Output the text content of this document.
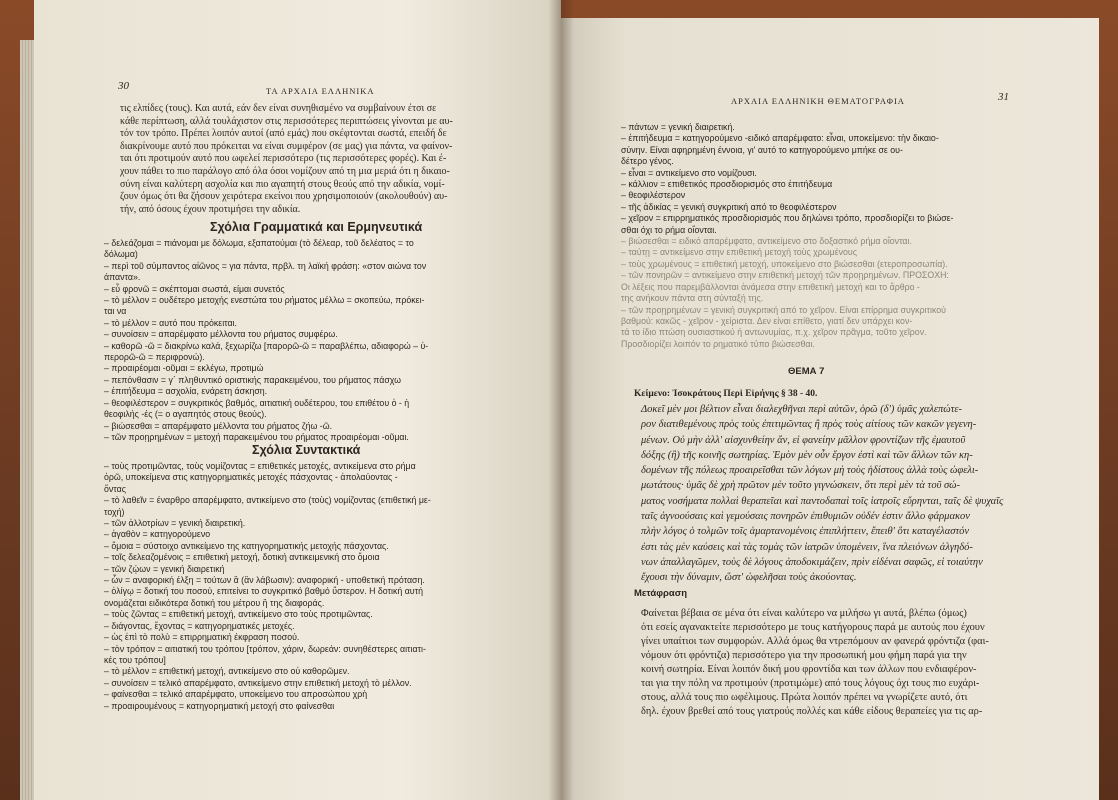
30	ΤΑ ΑΡΧΑΙΑ ΕΛΛΗΝΙΚΑ
τις ελπίδες (τους). Και αυτά, εάν δεν είναι συνηθισμένο να συμβαίνουν έτσι σε
κάθε περίπτωση, αλλά τουλάχιστον στις περισσότερες περιπτώσεις γίνονται με αυ-
τόν τον τρόπο. Πρέπει λοιπόν αυτοί (από εμάς) που σκέφτονται σωστά, επειδή δε
διακρίνουμε αυτό που πρόκειται να είναι συμφέρον (σε μας) για πάντα, να φαίνον-
ται ότι προτιμούν αυτό που ωφελεί περισσότερο (τις περισσότερες φορές). Και έ-
χουν πάθει το πιο παράλογο από όλα όσοι νομίζουν από τη μια μεριά ότι η δικαιο-
σύνη είναι καλύτερη ασχολία και πιο αγαπητή στους θεούς από την αδικία, νομί-
ζουν όμως ότι θα ζήσουν χειρότερα εκείνοι που χρησιμοποιούν (ακολουθούν) αυ-
τήν, από όσους έχουν προτιμήσει την αδικία.
Σχόλια Γραμματικά και Ερμηνευτικά
– δελεάζομαι = πιάνομαι με δόλωμα, εξαπατούμαι (τὸ δέλεαρ, τοῦ δελέατος = το
δόλωμα)
– περὶ τοῦ σύμπαντος αἰῶνος = για πάντα, πρβλ. τη λαϊκή φράση: «στον αιώνα τον
άπαντα».
– εὖ φρονῶ = σκέπτομαι σωστά, είμαι συνετός
– τὸ μέλλον = ουδέτερο μετοχής ενεστώτα του ρήματος μέλλω = σκοπεύω, πρόκει-
ται να
– τὸ μέλλον = αυτό που πρόκειται.
– συνοίσειν = απαρέμφατο μέλλοντα του ρήματος συμφέρω.
– καθορῶ -ῶ = διακρίνω καλά, ξεχωρίζω [παρορῶ-ῶ = παραβλέπω, αδιαφορώ – ὑ-
περορῶ-ῶ = περιφρονώ).
– προαιρέομαι -οῦμαι = εκλέγω, προτιμώ
– πεπόνθασιν = γ΄ πληθυντικό οριστικής παρακειμένου, του ρήματος πάσχω
– ἐπιτήδευμα = ασχολία, ενάρετη άσκηση.
– θεοφιλέστερον = συγκριτικός βαθμός, αιτιατική ουδέτερου, του επιθέτου ὁ - ἡ
θεοφιλής -ές (= ο αγαπητός στους θεούς).
– βιώσεσθαι = απαρέμφατο μέλλοντα του ρήματος ζήω -ῶ.
– τῶν προῃρημένων = μετοχή παρακειμένου του ρήματος προαιρέομαι -οῦμαι.
Σχόλια Συντακτικά
– τοὺς προτιμῶντας, τοὺς νομίζοντας = επιθετικές μετοχές, αντικείμενα στο ρήμα
ὁρῶ, υποκείμενα στις κατηγορηματικές μετοχές πάσχοντας - ἀπολαύοντας -
ὄντας
– τὸ λαθεῖν = έναρθρο απαρέμφατο, αντικείμενο στο (τοὺς) νομίζοντας (επιθετική με-
τοχή)
– τῶν ἀλλοτρίων = γενική διαιρετική.
– ἀγαθὸν = κατηγορούμενο
– ὅμοια = σύστοιχο αντικείμενο της κατηγορηματικής μετοχής πάσχοντας.
– τοῖς δελεαζομένοις = επιθετική μετοχή, δοτική αντικειμενική στο ὅμοια
– τῶν ζῴων = γενική διαιρετική
– ὧν = αναφορική έλξη = τούτων ἃ (ἂν λάβωσιν): αναφορική - υποθετική πρόταση.
– ὀλίγῳ = δοτική του ποσού, επιτείνει το συγκριτικό βαθμό ὕστερον. Η δοτική αυτή
ονομάζεται ειδικότερα δοτική του μέτρου ἢ της διαφοράς.
– τοὺς ζῶντας = επιθετική μετοχή, αντικείμενο στο τοὺς προτιμῶντας.
– διάγοντας, ἔχοντας = κατηγορηματικές μετοχές.
– ὡς ἐπὶ τὸ πολὺ = επιρρηματική έκφραση ποσού.
– τὸν τρόπον = αιτιατική του τρόπου [τρόπον, χάριν, δωρεάν: συνηθέστερες αιτιατι-
κές του τρόπου]
– τὸ μέλλον = επιθετική μετοχή, αντικείμενο στο οὐ καθορῶμεν.
– συνοίσειν = τελικό απαρέμφατο, αντικείμενο στην επιθετική μετοχή τὸ μέλλον.
– φαίνεσθαι = τελικό απαρέμφατο, υποκείμενο του απροσώπου χρὴ
– προαιρουμένους = κατηγορηματική μετοχή στο φαίνεσθαι
ΑΡΧΑΙΑ ΕΛΛΗΝΙΚΗ ΘΕΜΑΤΟΓΡΑΦΙΑ	31
– πάντων = γενική διαιρετική.
– ἐπιτήδευμα = κατηγορούμενο -ειδικό απαρέμφατο: εἶναι, υποκείμενο: τὴν δικαιο-
σύνην. Είναι αφηρημένη έννοια, γι' αυτό το κατηγορούμενο μπήκε σε ου-
δέτερο γένος.
– εἶναι = αντικείμενο στο νομίζουσι.
– κάλλιον = επιθετικός προσδιορισμός στο ἐπιτήδευμα
– θεοφιλέστερον
– τῆς ἀδικίας = γενική συγκριτική από το θεοφιλέστερον
– χεῖρον = επιρρηματικός προσδιορισμός που δηλώνει τρόπο, προσδιορίζει το βιώσε-
σθαι όχι το ρήμα οἴονται.
– βιώσεσθαι = ειδικό απαρέμφατο, αντικείμενο στο δοξαστικό ρήμα οἴονται.
– ταύτῃ = αντικείμενο στην επιθετική μετοχή τοὺς χρωμένους
– τοὺς χρωμένους = επιθετική μετοχή, υποκείμενο στο βιώσεσθαι (ετεροπροσωπία).
– τῶν πονηρῶν = αντικείμενο στην επιθετική μετοχή τῶν προῃρημένων. ΠΡΟΣΟΧΗ:
Οι λέξεις που παρεμβάλλονται ἀνάμεσα στην επιθετική μετοχή και το ἄρθρο -
της ανήκουν πάντα στη σύνταξή της.
– τῶν προῃρημένων = γενική συγκριτική από το χεῖρον. Είναι επίρρημα συγκριτικού
βαθμού: κακῶς - χεῖρον - χείριστα. Δεν είναι επίθετο, γιατί δεν υπάρχει κον-
τά το ίδιο πτώση ουσιαστικού ή αντωνυμίας, π.χ. χεῖρον πρᾶγμα, τοῦτο χεῖρον.
Προσδιορίζει λοιπόν το ρηματικό τύπο βιώσεσθαι.
ΘΕΜΑ 7
Κείμενο: Ἰσοκράτους Περὶ Εἰρήνης § 38 - 40.
Δοκεῖ μὲν μοι βέλτιον εἶναι διαλεχθῆναι περὶ αὐτῶν, ὁρῶ (δ') ὑμᾶς χαλεπώτε-
ρον διατιθεμένους πρὸς τοὺς ἐπιτιμῶντας ἢ πρὸς τοὺς αἰτίους τῶν κακῶν γεγενη-
μένων. Οὐ μὴν ἀλλ' αἰσχυνθείην ἄν, εἰ φανείην μᾶλλον φροντίζων τῆς ἐμαυτοῦ
δόξης (ἢ) τῆς κοινῆς σωτηρίας. Ἐμὸν μὲν οὖν ἔργον ἐστὶ καὶ τῶν ἄλλων τῶν κη-
δομένων τῆς πόλεως προαιρεῖσθαι τῶν λόγων μὴ τοὺς ἡδίστους ἀλλὰ τοὺς ὠφελι-
μωτάτους· ὑμᾶς δὲ χρὴ πρῶτον μὲν τοῦτο γιγνώσκειν, ὅτι περὶ μὲν τὰ τοῦ σώ-
ματος νοσήματα πολλαὶ θεραπεῖαι καὶ παντοδαπαὶ τοῖς ἰατροῖς εὕρηνται, ταῖς δὲ ψυχαῖς
ταῖς ἀγνοούσαις καὶ γεμούσαις πονηρῶν ἐπιθυμιῶν οὐδέν ἐστιν ἄλλο φάρμακον
πλὴν λόγος ὁ τολμῶν τοῖς ἁμαρτανομένοις ἐπιπλήττειν, ἔπειθ' ὅτι καταγέλαστόν
ἐστι τὰς μὲν καύσεις καὶ τὰς τομὰς τῶν ἰατρῶν ὑπομένειν, ἵνα πλειόνων ἀλγηδό-
νων ἀπαλλαγῶμεν, τοὺς δὲ λόγους ἀποδοκιμάζειν, πρὶν εἰδέναι σαφῶς, εἰ τοιαύτην
ἔχουσι τὴν δύναμιν, ὥστ' ὠφελῆσαι τοὺς ἀκούοντας.
Μετάφραση
Φαίνεται βέβαια σε μένα ότι είναι καλύτερο να μιλήσω γι αυτά, βλέπω (όμως)
ότι εσείς αγανακτείτε περισσότερο με τους κατήγορους παρά με αυτούς που έχουν
γίνει υπαίτιοι των συμφορών. Αλλά όμως θα ντρεπόμουν αν φανερά φρόντιζα (φαι-
νόμουν ότι φρόντιζα) περισσότερο για την προσωπική μου φήμη παρά για την
κοινή σωτηρία. Είναι λοιπόν δική μου φροντίδα και των άλλων που ενδιαφέρον-
ται για την πόλη να προτιμούν (προτιμώμε) από τους λόγους όχι τους πιο ευχάρι-
στους, αλλά τους πιο ωφέλιμους. Πρώτα λοιπόν πρέπει να γνωρίζετε αυτό, ότι
δηλ. έχουν βρεθεί από τους γιατρούς πολλές και κάθε είδους θεραπείες για τις αρ-
